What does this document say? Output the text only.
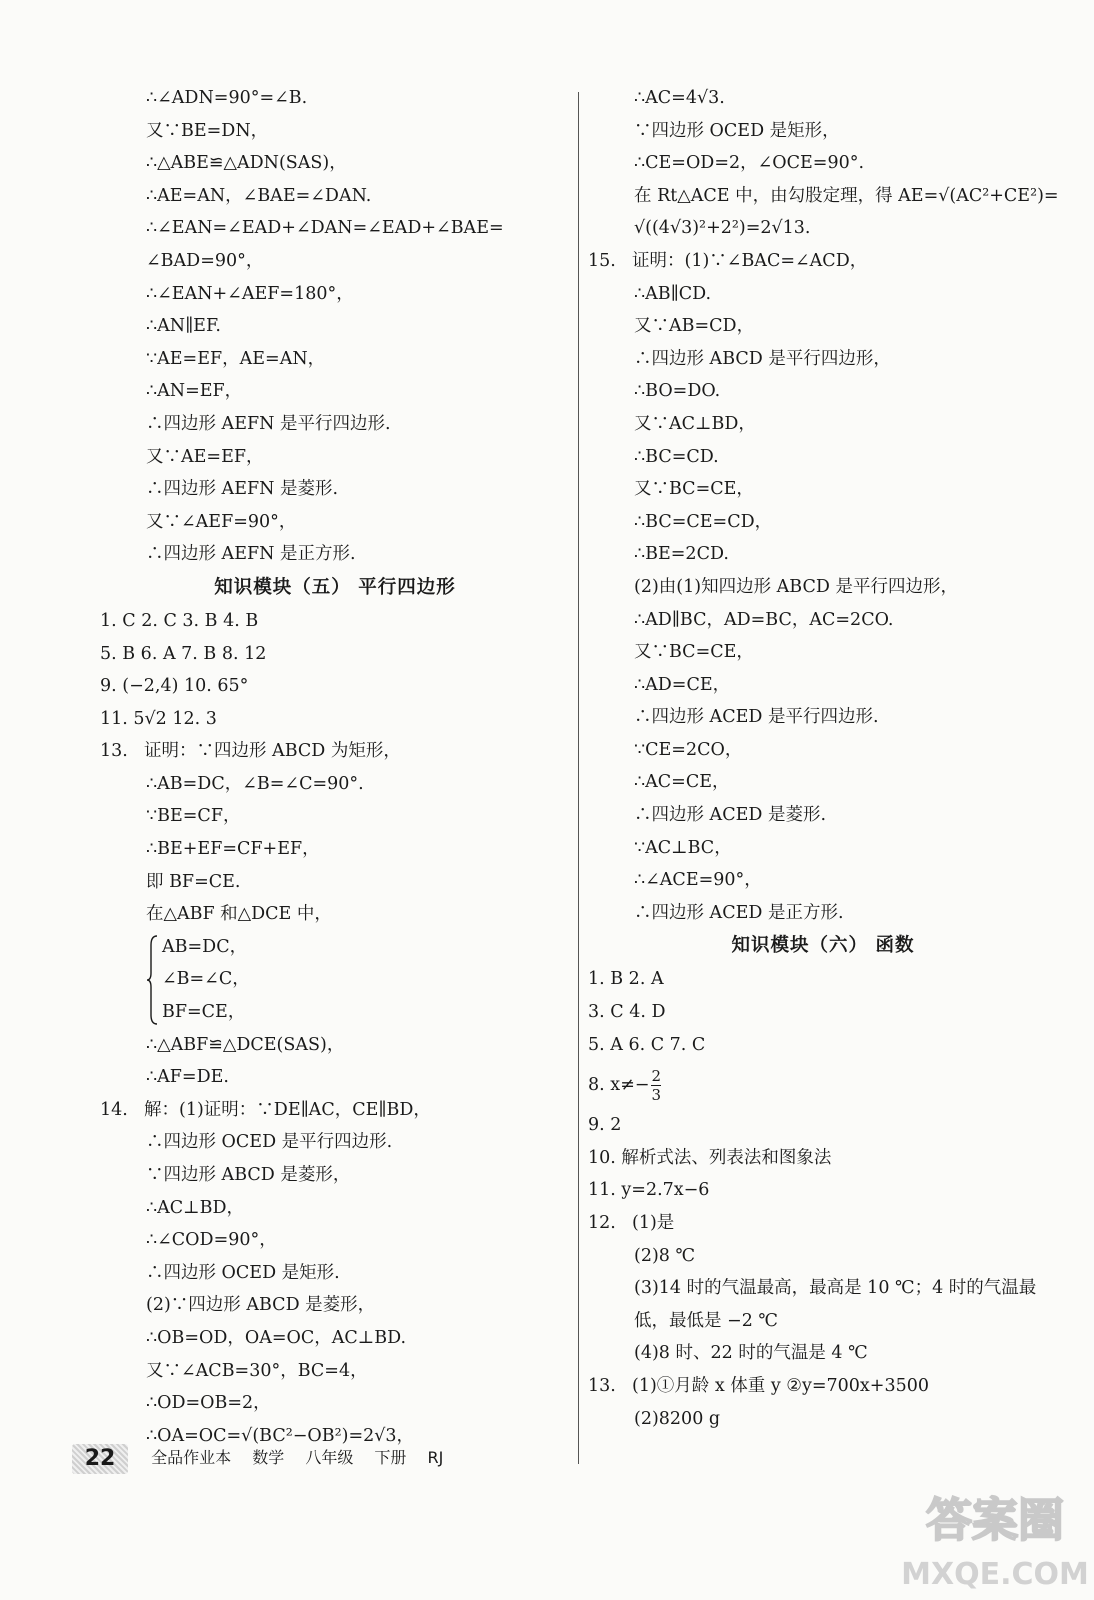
∴∠ADN=90°=∠B.
又∵BE=DN，
∴△ABE≌△ADN(SAS)，
∴AE=AN，∠BAE=∠DAN.
∴∠EAN=∠EAD+∠DAN=∠EAD+∠BAE=
∠BAD=90°，
∴∠EAN+∠AEF=180°，
∴AN∥EF.
∵AE=EF，AE=AN，
∴AN=EF，
∴四边形 AEFN 是平行四边形.
又∵AE=EF，
∴四边形 AEFN 是菱形.
又∵∠AEF=90°，
∴四边形 AEFN 是正方形.
知识模块（五） 平行四边形
1. C 2. C 3. B 4. B
5. B 6. A 7. B 8. 12
9. (−2,4) 10. 65°
11. 5√2 12. 3
13. 证明：∵四边形 ABCD 为矩形，
∴AB=DC，∠B=∠C=90°.
∵BE=CF，
∴BE+EF=CF+EF，
即 BF=CE.
在△ABF 和△DCE 中，
AB=DC，
∠B=∠C，
BF=CE，
∴△ABF≌△DCE(SAS)，
∴AF=DE.
14. 解：(1)证明：∵DE∥AC，CE∥BD，
∴四边形 OCED 是平行四边形.
∵四边形 ABCD 是菱形，
∴AC⊥BD，
∴∠COD=90°，
∴四边形 OCED 是矩形.
(2)∵四边形 ABCD 是菱形，
∴OB=OD，OA=OC，AC⊥BD.
又∵∠ACB=30°，BC=4，
∴OD=OB=2，
∴OA=OC=√(BC²−OB²)=2√3，
∴AC=4√3.
∵四边形 OCED 是矩形，
∴CE=OD=2，∠OCE=90°.
在 Rt△ACE 中，由勾股定理，得 AE=√(AC²+CE²)=
√((4√3)²+2²)=2√13.
15. 证明：(1)∵∠BAC=∠ACD，
∴AB∥CD.
又∵AB=CD，
∴四边形 ABCD 是平行四边形，
∴BO=DO.
又∵AC⊥BD，
∴BC=CD.
又∵BC=CE，
∴BC=CE=CD，
∴BE=2CD.
(2)由(1)知四边形 ABCD 是平行四边形，
∴AD∥BC，AD=BC，AC=2CO.
又∵BC=CE，
∴AD=CE，
∴四边形 ACED 是平行四边形.
∵CE=2CO，
∴AC=CE，
∴四边形 ACED 是菱形.
∵AC⊥BC，
∴∠ACE=90°，
∴四边形 ACED 是正方形.
知识模块（六） 函数
1. B 2. A
3. C 4. D
5. A 6. C 7. C
8. $x\ne- \frac{2}{3}$
9. 2
10. 解析式法、列表法和图象法
11. y=2.7x−6
12. (1)是
(2)8 ℃
(3)14 时的气温最高，最高是 10 ℃；4 时的气温最
低，最低是 −2 ℃
(4)8 时、22 时的气温是 4 ℃
13. (1)①月龄 x 体重 y ②y=700x+3500
(2)8200 g
22 全品作业本 数学 八年级 下册 RJ
答案圈
MXQE.COM
